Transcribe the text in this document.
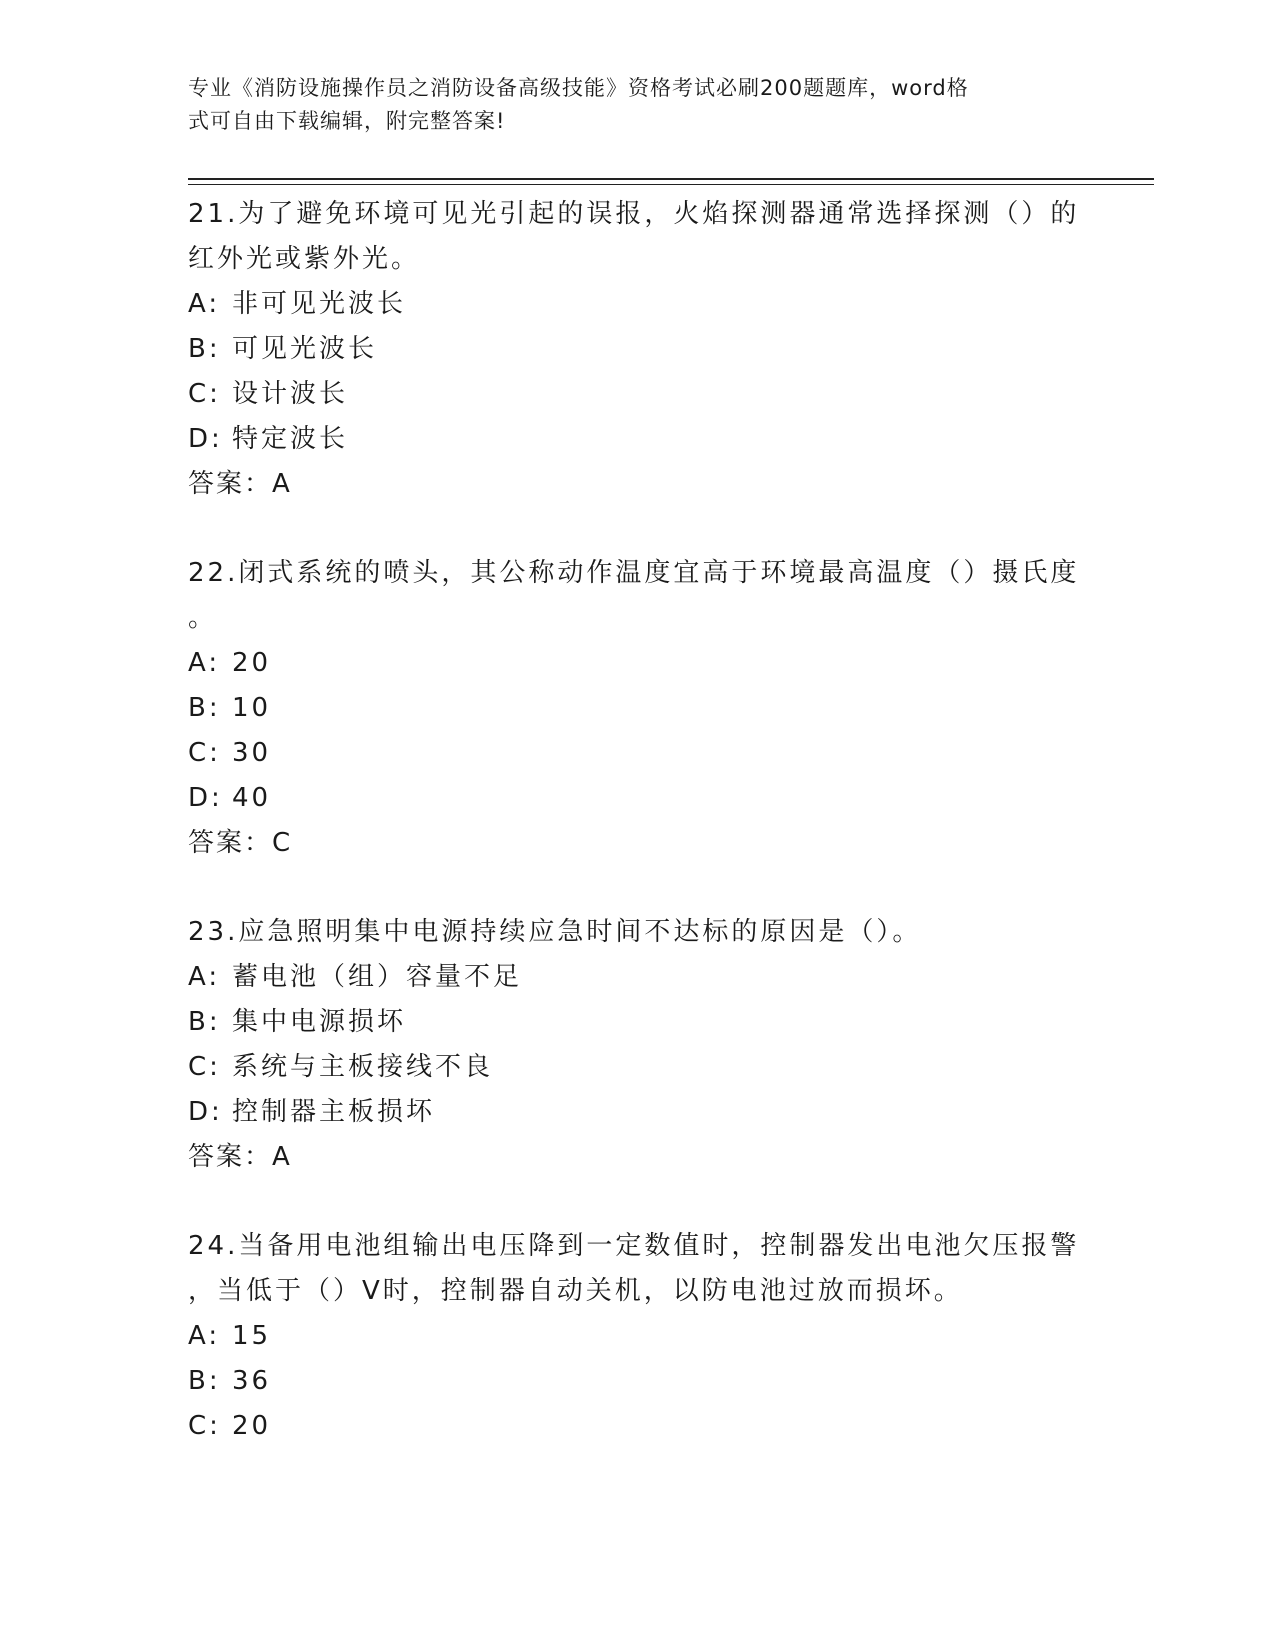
专业《消防设施操作员之消防设备高级技能》资格考试必刷200题题库，word格
式可自由下载编辑，附完整答案!
21.为了避免环境可见光引起的误报，火焰探测器通常选择探测（）的
红外光或紫外光。
A: 非可见光波长
B: 可见光波长
C: 设计波长
D: 特定波长
答案：A
22.闭式系统的喷头，其公称动作温度宜高于环境最高温度（）摄氏度
。
A: 20
B: 10
C: 30
D: 40
答案：C
23.应急照明集中电源持续应急时间不达标的原因是（）。
A: 蓄电池（组）容量不足
B: 集中电源损坏
C: 系统与主板接线不良
D: 控制器主板损坏
答案：A
24.当备用电池组输出电压降到一定数值时，控制器发出电池欠压报警
，当低于（）V时，控制器自动关机，以防电池过放而损坏。
A: 15
B: 36
C: 20
